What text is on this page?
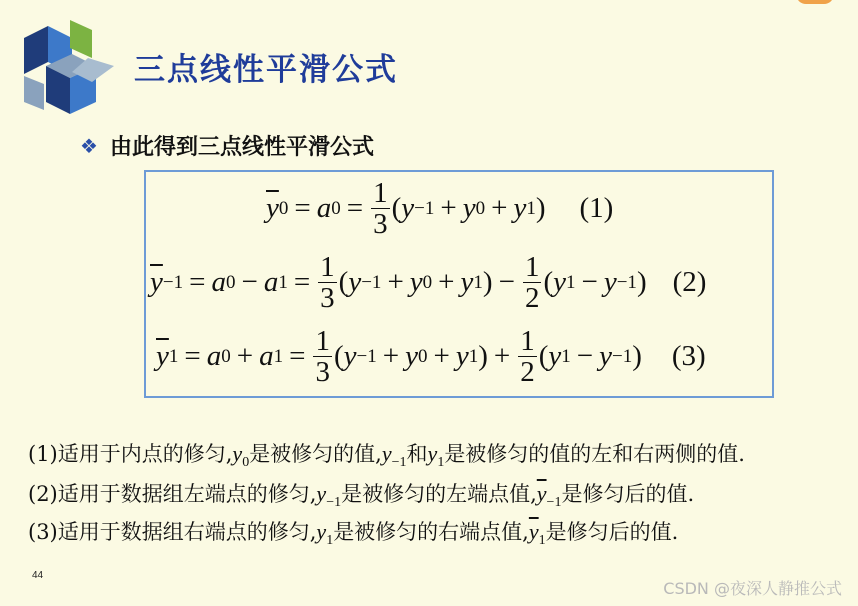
三点线性平滑公式
❖ 由此得到三点线性平滑公式
$\overline{y}$ 0 = a $0 = \frac{1}{3}$ ( y −1 + y 0 + y 1 ) (1)
$\overline{y} -1 = a$ 0 − a $1 = \frac{1}{3}$ ( y −1 + y 0 + y 1 ) − $\frac{1}{2}$ ( y 1 − y −1 ) (2)
$\overline{y}$ 1 = a 0 + a $1 = \frac{1}{3}$ ( y −1 + y 0 + y 1 ) + $\frac{1}{2}$ ( y 1 − y −1 ) (3)
(1)适用于内点的修匀$,y_0$是被修匀的值$,y_{-1}$和$y_1$是被修匀的值的左和右两侧的值.
(2)适用于数据组左端点的修匀$,y_{-1}$是被修匀的左端点值$,\overline{y}_{-1}$是修匀后的值.
(3)适用于数据组右端点的修匀$,y_1$是被修匀的右端点值$,\overline{y}_1$是修匀后的值.
44
CSDN @夜深人静推公式
